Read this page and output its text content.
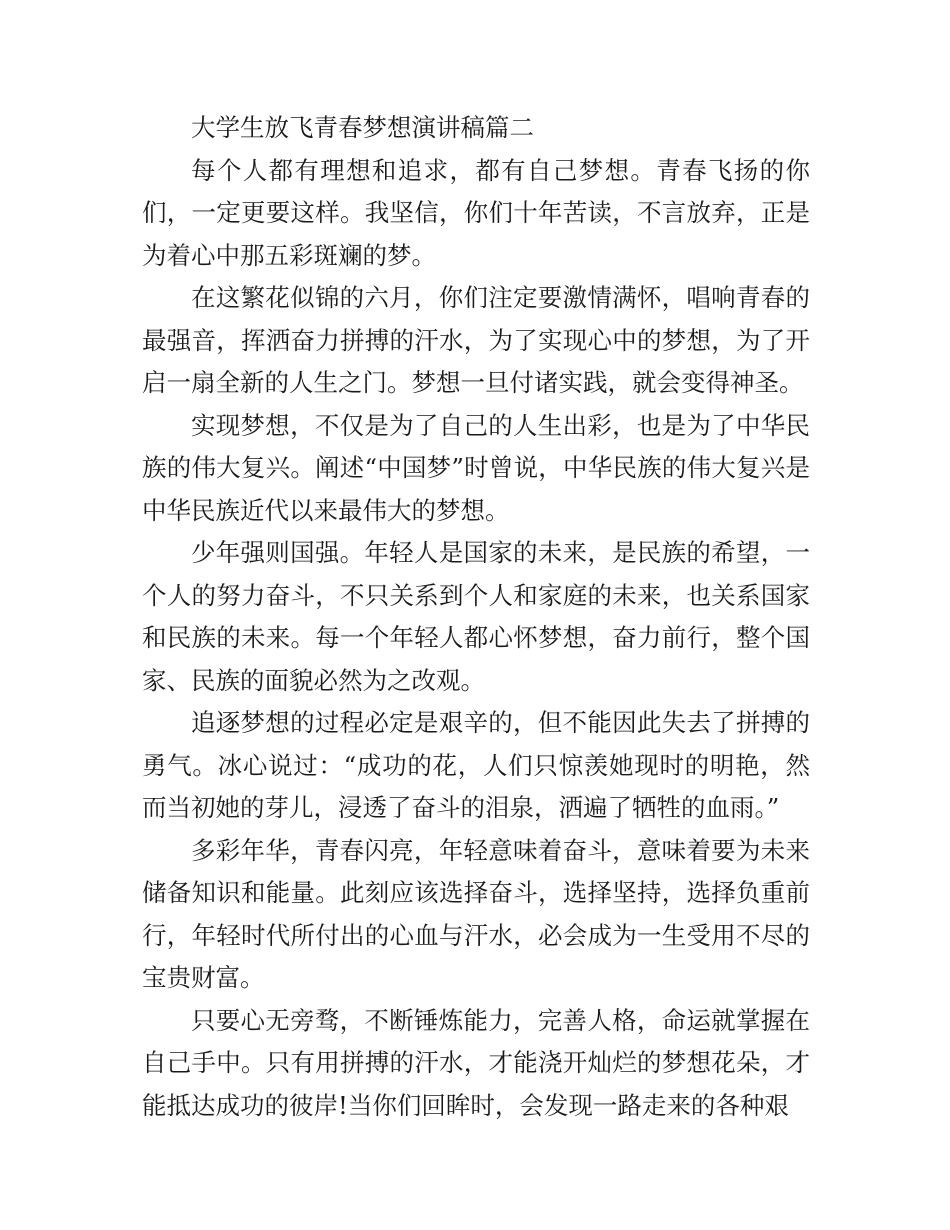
大学生放飞青春梦想演讲稿篇二

每个人都有理想和追求，都有自己梦想。青春飞扬的你们，一定更要这样。我坚信，你们十年苦读，不言放弃，正是为着心中那五彩斑斓的梦。

在这繁花似锦的六月，你们注定要激情满怀，唱响青春的最强音，挥洒奋力拼搏的汗水，为了实现心中的梦想，为了开启一扇全新的人生之门。梦想一旦付诸实践，就会变得神圣。

实现梦想，不仅是为了自己的人生出彩，也是为了中华民族的伟大复兴。阐述“中国梦”时曾说，中华民族的伟大复兴是中华民族近代以来最伟大的梦想。

少年强则国强。年轻人是国家的未来，是民族的希望，一个人的努力奋斗，不只关系到个人和家庭的未来，也关系国家和民族的未来。每一个年轻人都心怀梦想，奋力前行，整个国家、民族的面貌必然为之改观。

追逐梦想的过程必定是艰辛的，但不能因此失去了拼搏的勇气。冰心说过：“成功的花，人们只惊羡她现时的明艳，然而当初她的芽儿，浸透了奋斗的泪泉，洒遍了牺牲的血雨。”

多彩年华，青春闪亮，年轻意味着奋斗，意味着要为未来储备知识和能量。此刻应该选择奋斗，选择坚持，选择负重前行，年轻时代所付出的心血与汗水，必会成为一生受用不尽的宝贵财富。

只要心无旁骛，不断锤炼能力，完善人格，命运就掌握在自己手中。只有用拼搏的汗水，才能浇开灿烂的梦想花朵，才能抵达成功的彼岸!当你们回眸时，会发现一路走来的各种艰
